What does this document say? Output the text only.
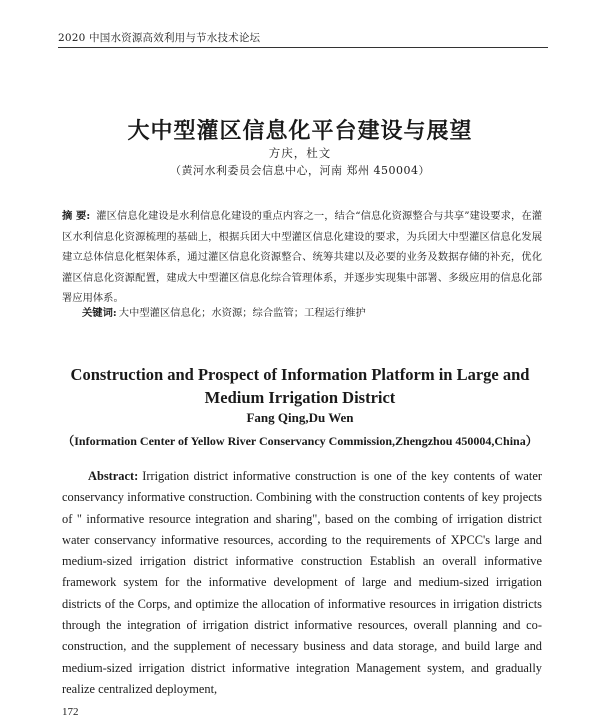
2020 中国水资源高效利用与节水技术论坛
大中型灌区信息化平台建设与展望
方庆，杜文
（黄河水利委员会信息中心，河南 郑州 450004）
摘 要: 灌区信息化建设是水利信息化建设的重点内容之一，结合“信息化资源整合与共享”建设要求，在灌区水利信息化资源梳理的基础上，根据兵团大中型灌区信息化建设的要求，为兵团大中型灌区信息化发展建立总体信息化框架体系，通过灌区信息化资源整合、统筹共建以及必要的业务及数据存储的补充，优化灌区信息化资源配置，建成大中型灌区信息化综合管理体系，并逐步实现集中部署、多级应用的信息化部署应用体系。
关键词: 大中型灌区信息化；水资源；综合监管；工程运行维护
Construction and Prospect of Information Platform in Large and Medium Irrigation District
Fang Qing,Du Wen
（Information Center of Yellow River Conservancy Commission,Zhengzhou 450004,China）
Abstract: Irrigation district informative construction is one of the key contents of water conservancy informative construction. Combining with the construction contents of key projects of " informative resource integration and sharing", based on the combing of irrigation district water conservancy informative resources, according to the requirements of XPCC's large and medium-sized irrigation district informative construction Establish an overall informative framework system for the informative development of large and medium-sized irrigation districts of the Corps, and optimize the allocation of informative resources in irrigation districts through the integration of irrigation district informative resources, overall planning and co-construction, and the supplement of necessary business and data storage, and build large and medium-sized irrigation district informative integration Management system, and gradually realize centralized deployment,
172
